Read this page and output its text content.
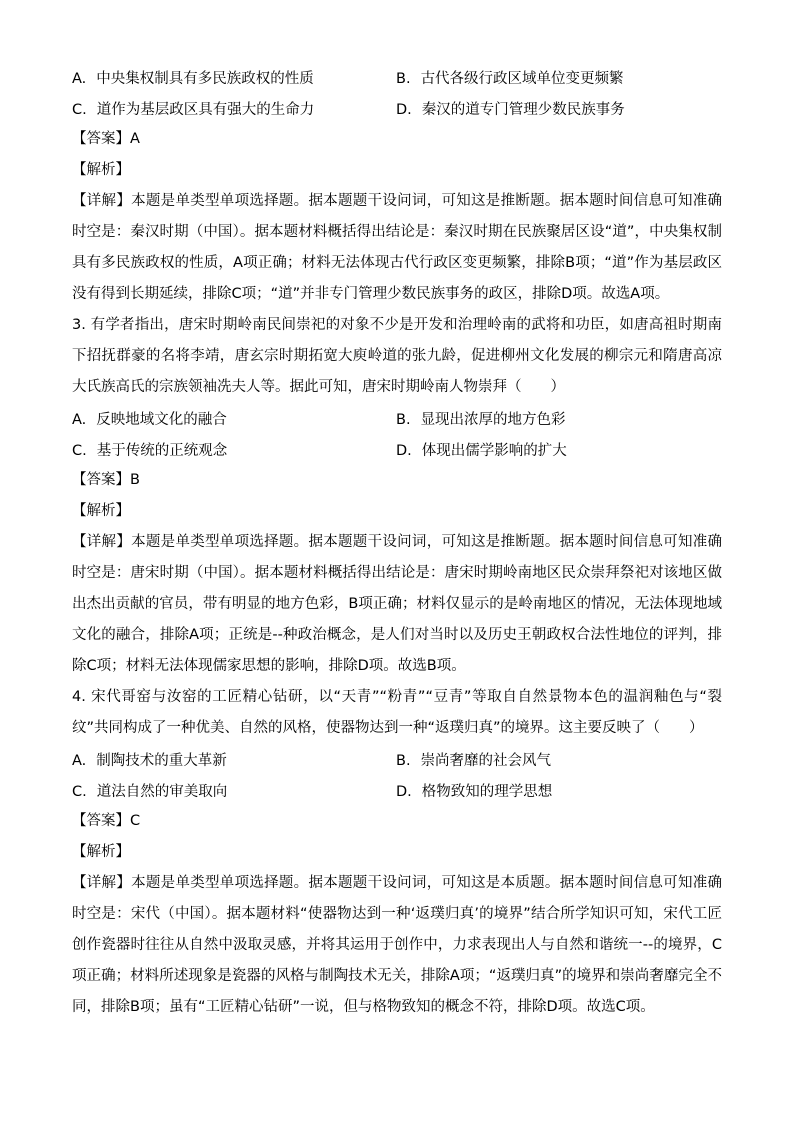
A. 中央集权制具有多民族政权的性质	B. 古代各级行政区域单位变更频繁
C. 道作为基层政区具有强大的生命力	D. 秦汉的道专门管理少数民族事务
【答案】A
【解析】
【详解】本题是单类型单项选择题。据本题题干设问词，可知这是推断题。据本题时间信息可知准确时空是：秦汉时期（中国）。据本题材料概括得出结论是：秦汉时期在民族聚居区设“道”，中央集权制具有多民族政权的性质，A项正确；材料无法体现古代行政区变更频繁，排除B项；“道”作为基层政区没有得到长期延续，排除C项；“道”并非专门管理少数民族事务的政区，排除D项。故选A项。
3. 有学者指出，唐宋时期岭南民间崇祀的对象不少是开发和治理岭南的武将和功臣，如唐高祖时期南下招抚群豪的名将李靖，唐玄宗时期拓宽大庾岭道的张九龄，促进柳州文化发展的柳宗元和隋唐高凉大氏族高氏的宗族领袖冼夫人等。据此可知，唐宋时期岭南人物崇拜（　　）
A. 反映地域文化的融合	B. 显现出浓厚的地方色彩
C. 基于传统的正统观念	D. 体现出儒学影响的扩大
【答案】B
【解析】
【详解】本题是单类型单项选择题。据本题题干设问词，可知这是推断题。据本题时间信息可知准确时空是：唐宋时期（中国）。据本题材料概括得出结论是：唐宋时期岭南地区民众崇拜祭祀对该地区做出杰出贡献的官员，带有明显的地方色彩，B项正确；材料仅显示的是岭南地区的情况，无法体现地域文化的融合，排除A项；正统是--种政治概念，是人们对当时以及历史王朝政权合法性地位的评判，排除C项；材料无法体现儒家思想的影响，排除D项。故选B项。
4. 宋代哥窑与汝窑的工匠精心钻研，以“天青”“粉青”“豆青”等取自自然景物本色的温润釉色与“裂纹”共同构成了一种优美、自然的风格，使器物达到一种“返璞归真”的境界。这主要反映了（　　）
A. 制陶技术的重大革新	B. 崇尚奢靡的社会风气
C. 道法自然的审美取向	D. 格物致知的理学思想
【答案】C
【解析】
【详解】本题是单类型单项选择题。据本题题干设问词，可知这是本质题。据本题时间信息可知准确时空是：宋代（中国）。据本题材料“使器物达到一种‘返璞归真’的境界”结合所学知识可知，宋代工匠创作瓷器时往往从自然中汲取灵感，并将其运用于创作中，力求表现出人与自然和谐统一--的境界，C项正确；材料所述现象是瓷器的风格与制陶技术无关，排除A项；“返璞归真”的境界和崇尚奢靡完全不同，排除B项；虽有“工匠精心钻研”一说，但与格物致知的概念不符，排除D项。故选C项。
